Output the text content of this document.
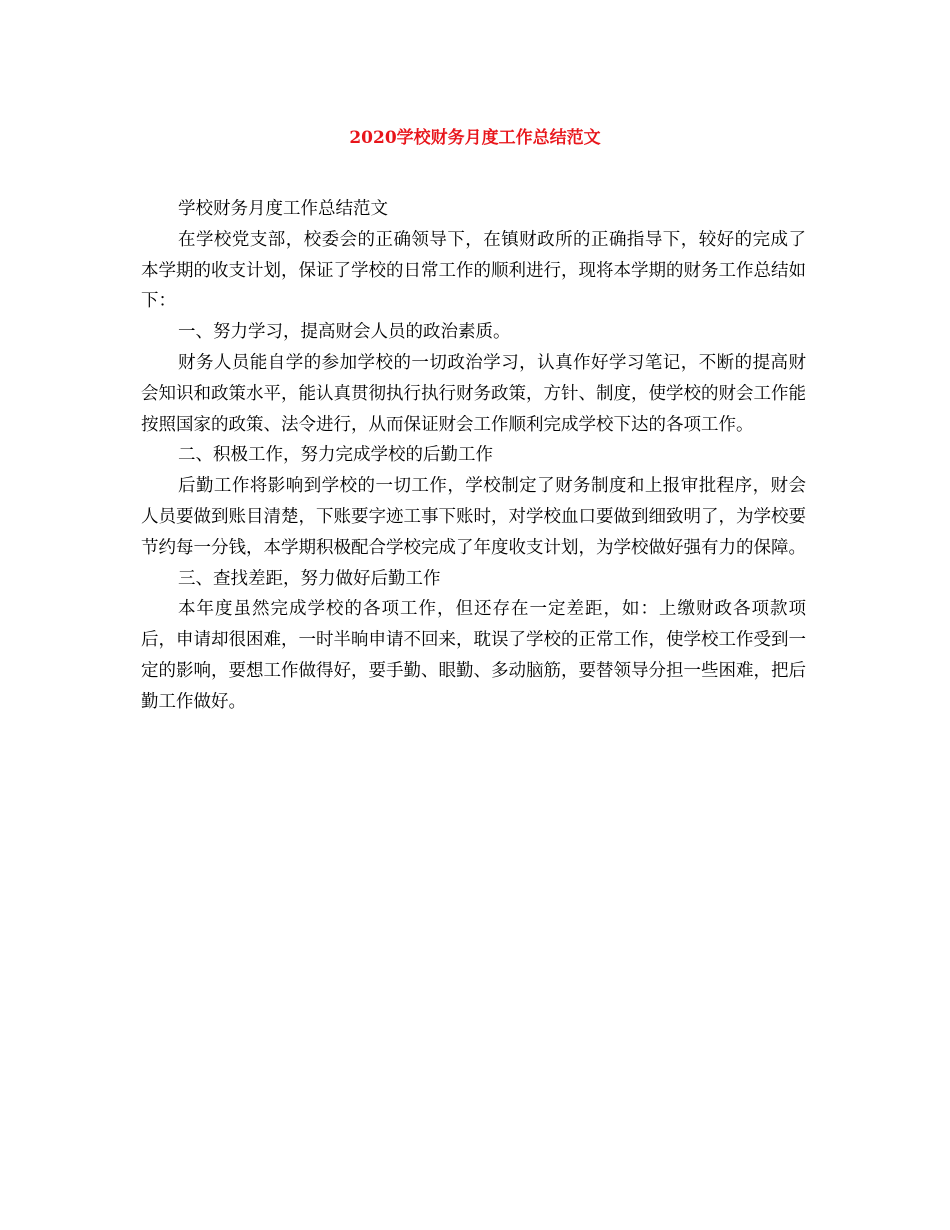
2020学校财务月度工作总结范文

学校财务月度工作总结范文

在学校党支部，校委会的正确领导下，在镇财政所的正确指导下，较好的完成了本学期的收支计划，保证了学校的日常工作的顺利进行，现将本学期的财务工作总结如下：

一、努力学习，提高财会人员的政治素质。

财务人员能自学的参加学校的一切政治学习，认真作好学习笔记，不断的提高财会知识和政策水平，能认真贯彻执行执行财务政策，方针、制度，使学校的财会工作能按照国家的政策、法令进行，从而保证财会工作顺利完成学校下达的各项工作。

二、积极工作，努力完成学校的后勤工作

后勤工作将影响到学校的一切工作，学校制定了财务制度和上报审批程序，财会人员要做到账目清楚，下账要字迹工事下账时，对学校血口要做到细致明了，为学校要节约每一分钱，本学期积极配合学校完成了年度收支计划，为学校做好强有力的保障。

三、查找差距，努力做好后勤工作

本年度虽然完成学校的各项工作，但还存在一定差距，如：上缴财政各项款项后，申请却很困难，一时半晌申请不回来，耽误了学校的正常工作，使学校工作受到一定的影响，要想工作做得好，要手勤、眼勤、多动脑筋，要替领导分担一些困难，把后勤工作做好。
